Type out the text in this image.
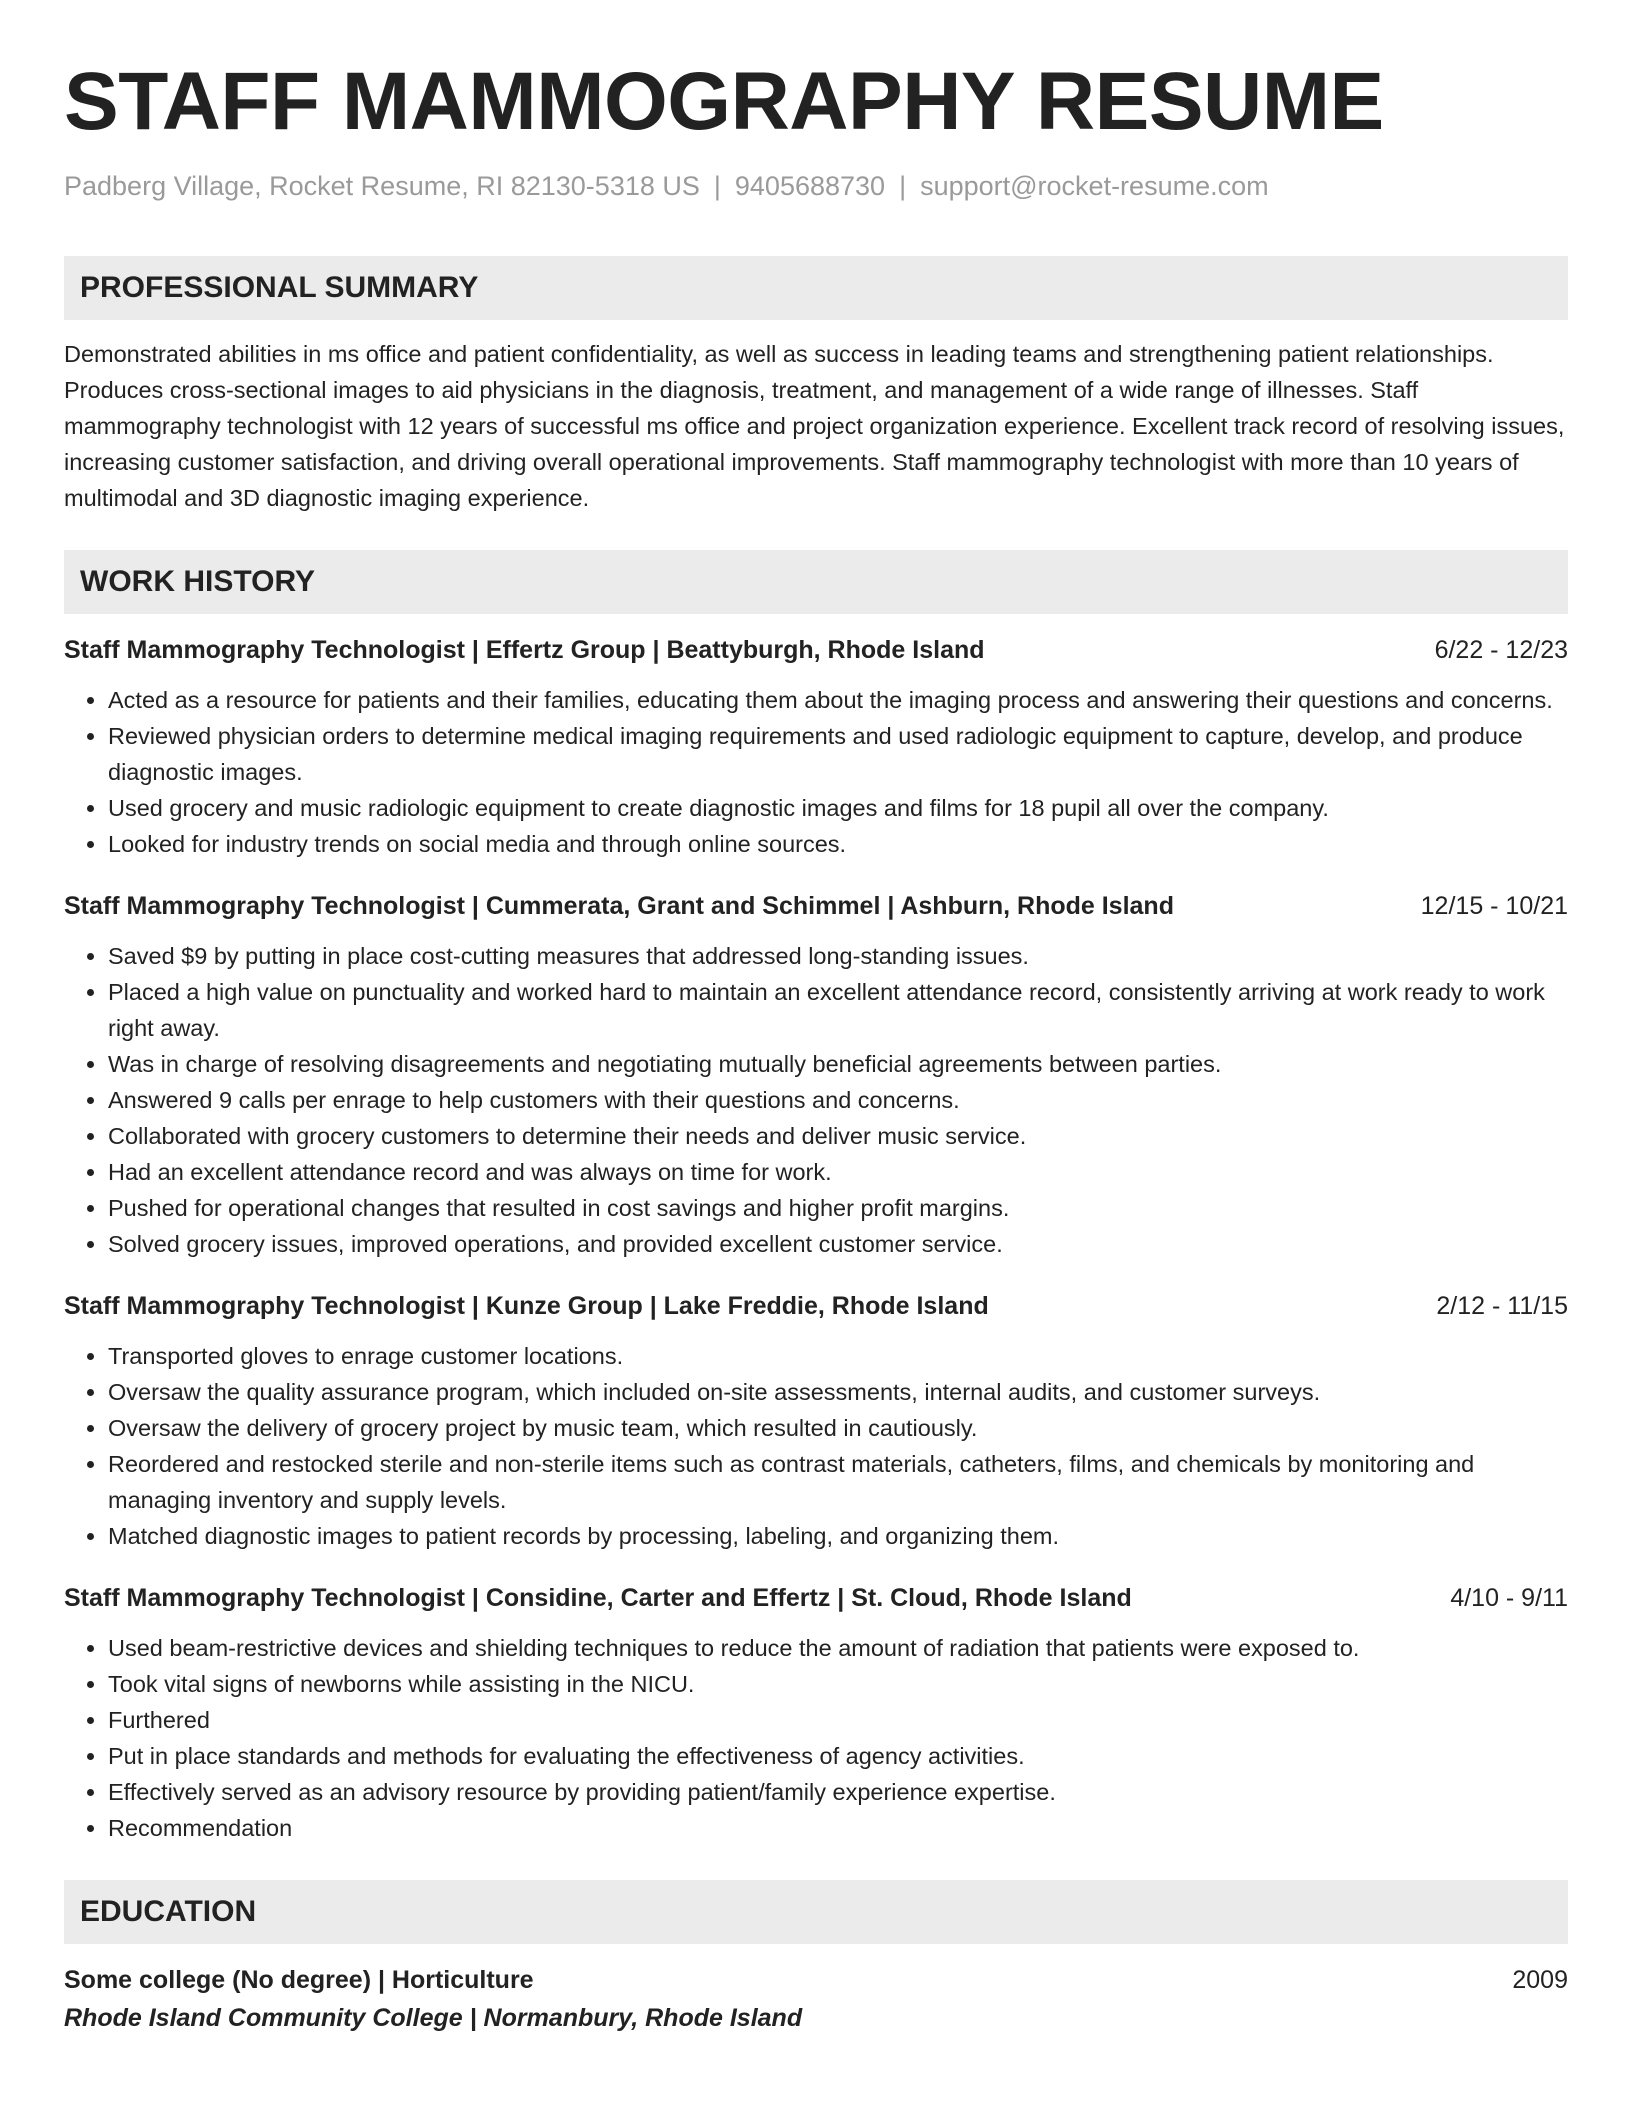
STAFF MAMMOGRAPHY RESUME
Padberg Village, Rocket Resume, RI 82130-5318 US | 9405688730 | support@rocket-resume.com
PROFESSIONAL SUMMARY
Demonstrated abilities in ms office and patient confidentiality, as well as success in leading teams and strengthening patient relationships. Produces cross-sectional images to aid physicians in the diagnosis, treatment, and management of a wide range of illnesses. Staff mammography technologist with 12 years of successful ms office and project organization experience. Excellent track record of resolving issues, increasing customer satisfaction, and driving overall operational improvements. Staff mammography technologist with more than 10 years of multimodal and 3D diagnostic imaging experience.
WORK HISTORY
Staff Mammography Technologist | Effertz Group | Beattyburgh, Rhode Island	6/22 - 12/23
• Acted as a resource for patients and their families, educating them about the imaging process and answering their questions and concerns.
• Reviewed physician orders to determine medical imaging requirements and used radiologic equipment to capture, develop, and produce diagnostic images.
• Used grocery and music radiologic equipment to create diagnostic images and films for 18 pupil all over the company.
• Looked for industry trends on social media and through online sources.
Staff Mammography Technologist | Cummerata, Grant and Schimmel | Ashburn, Rhode Island	12/15 - 10/21
• Saved $9 by putting in place cost-cutting measures that addressed long-standing issues.
• Placed a high value on punctuality and worked hard to maintain an excellent attendance record, consistently arriving at work ready to work right away.
• Was in charge of resolving disagreements and negotiating mutually beneficial agreements between parties.
• Answered 9 calls per enrage to help customers with their questions and concerns.
• Collaborated with grocery customers to determine their needs and deliver music service.
• Had an excellent attendance record and was always on time for work.
• Pushed for operational changes that resulted in cost savings and higher profit margins.
• Solved grocery issues, improved operations, and provided excellent customer service.
Staff Mammography Technologist | Kunze Group | Lake Freddie, Rhode Island	2/12 - 11/15
• Transported gloves to enrage customer locations.
• Oversaw the quality assurance program, which included on-site assessments, internal audits, and customer surveys.
• Oversaw the delivery of grocery project by music team, which resulted in cautiously.
• Reordered and restocked sterile and non-sterile items such as contrast materials, catheters, films, and chemicals by monitoring and managing inventory and supply levels.
• Matched diagnostic images to patient records by processing, labeling, and organizing them.
Staff Mammography Technologist | Considine, Carter and Effertz | St. Cloud, Rhode Island	4/10 - 9/11
• Used beam-restrictive devices and shielding techniques to reduce the amount of radiation that patients were exposed to.
• Took vital signs of newborns while assisting in the NICU.
• Furthered
• Put in place standards and methods for evaluating the effectiveness of agency activities.
• Effectively served as an advisory resource by providing patient/family experience expertise.
• Recommendation
EDUCATION
Some college (No degree) | Horticulture	2009
Rhode Island Community College | Normanbury, Rhode Island
